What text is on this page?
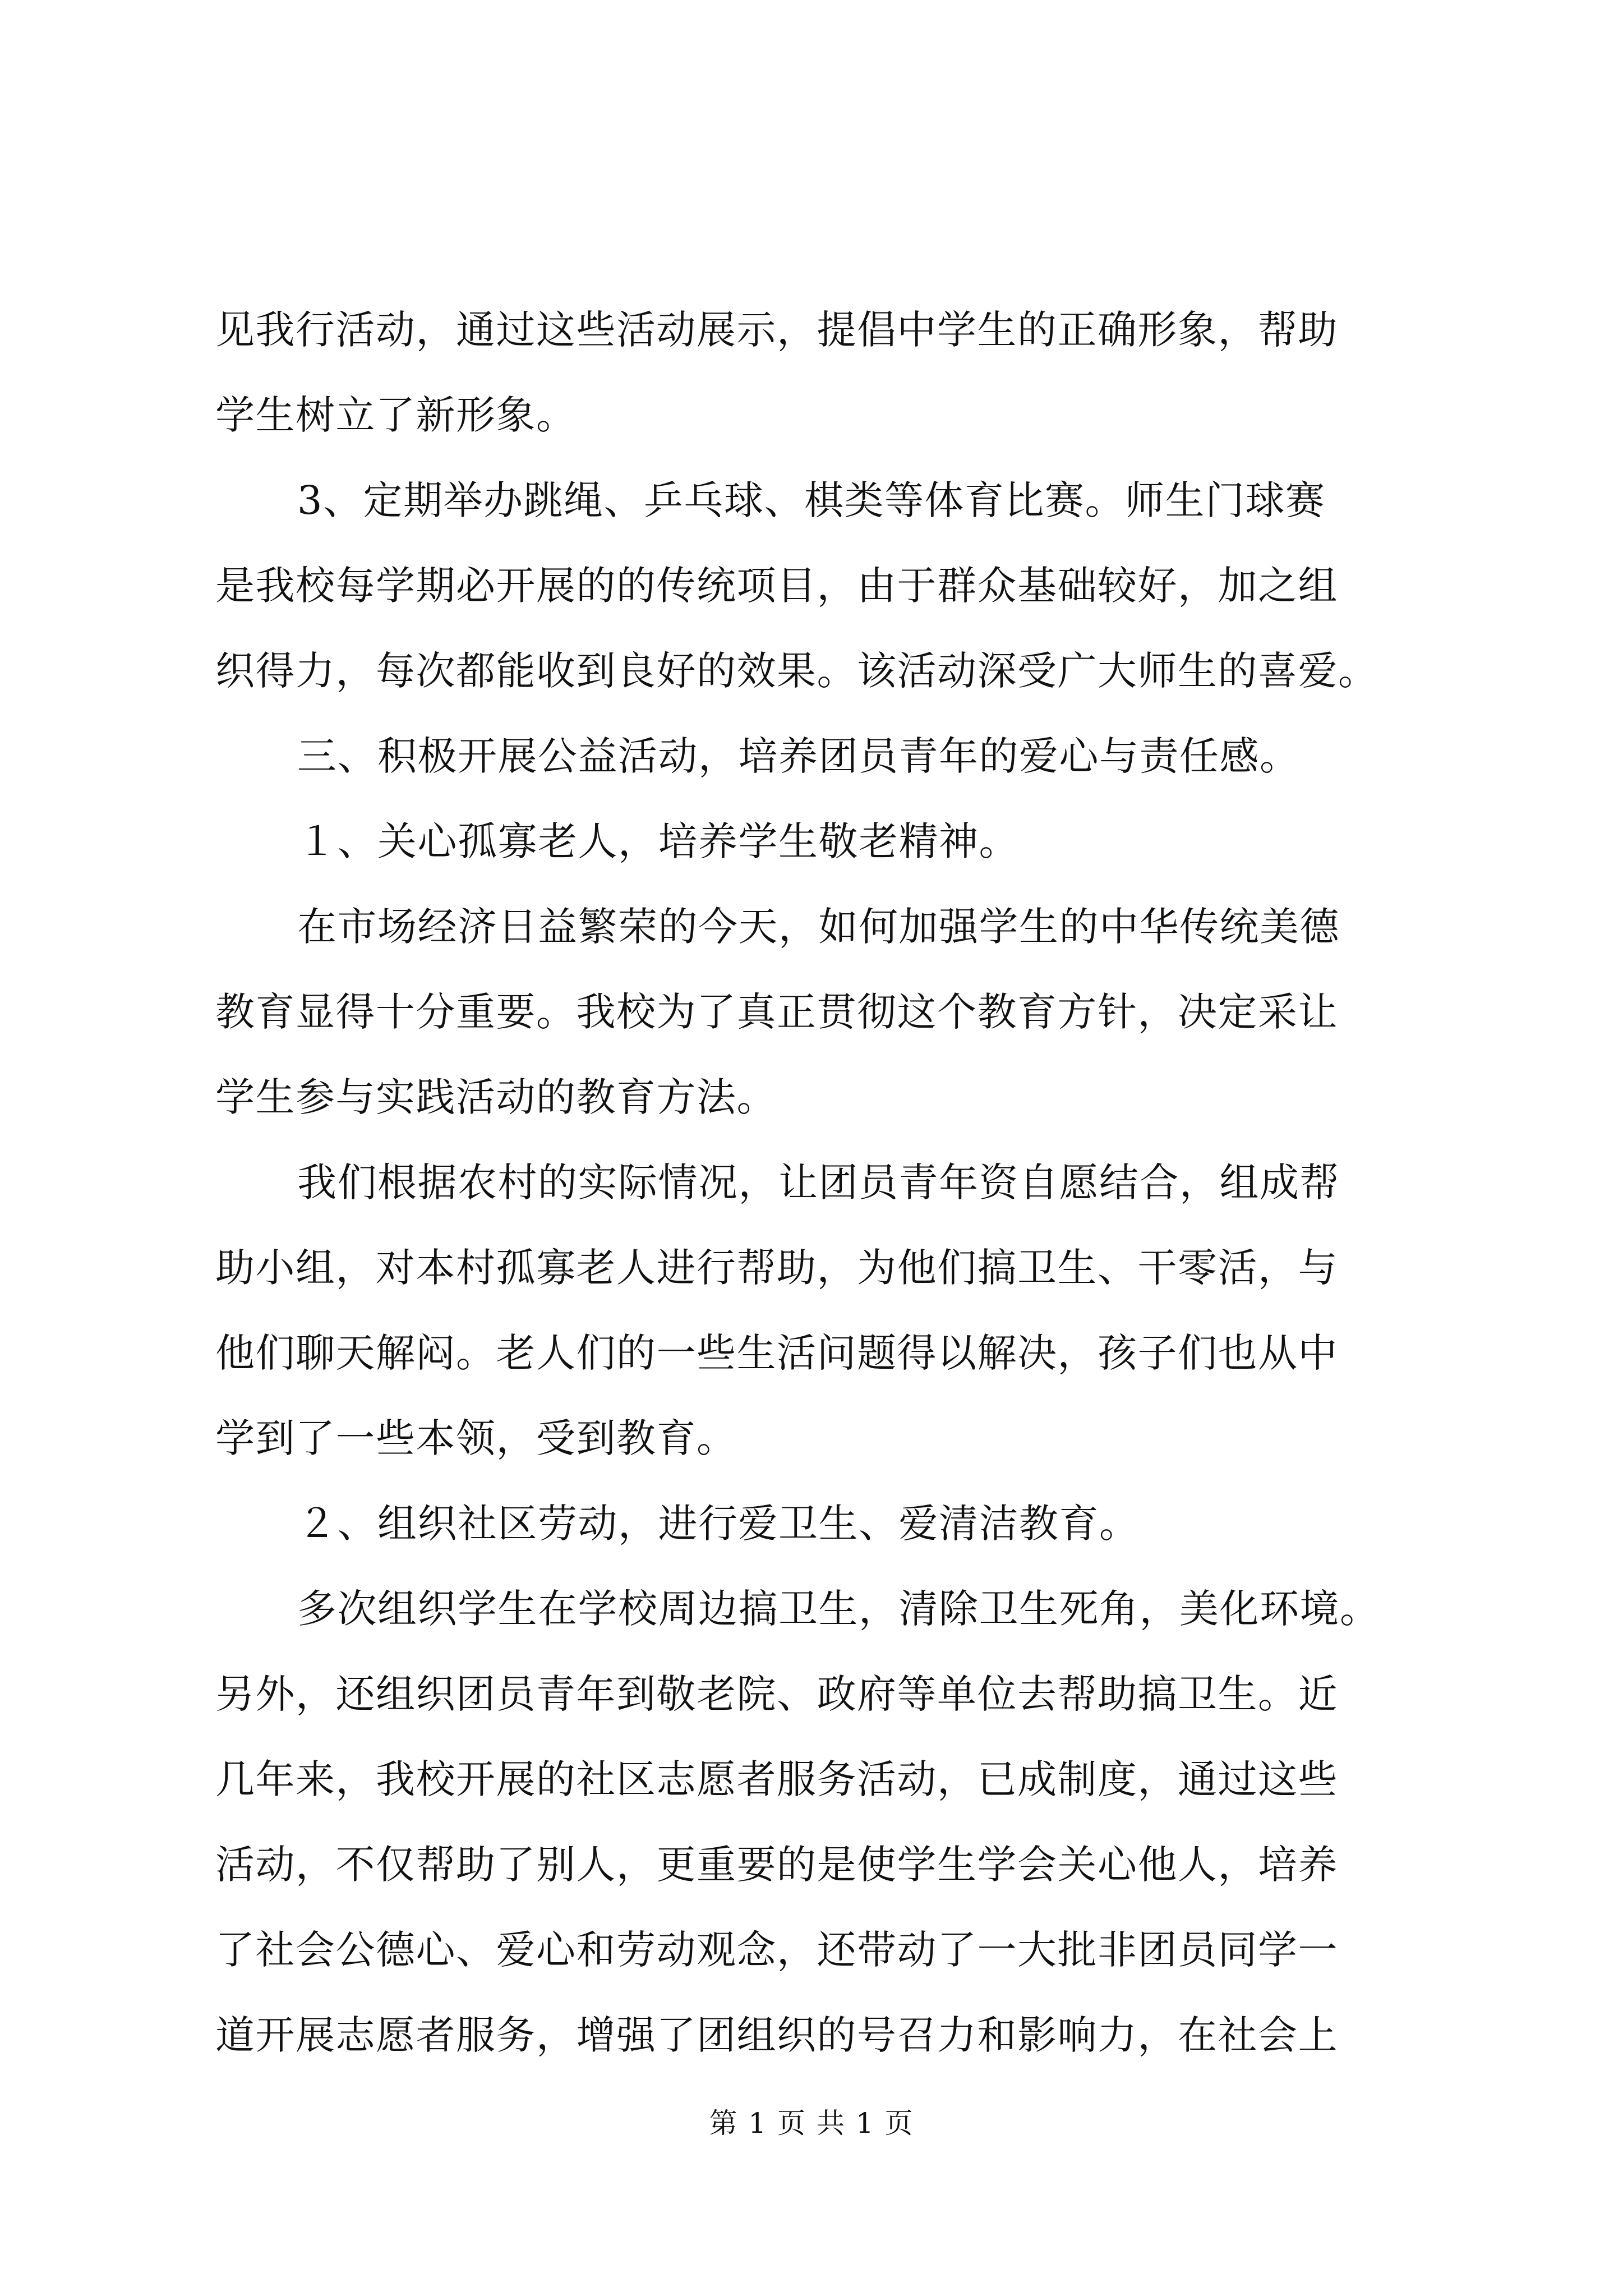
见我行活动，通过这些活动展示，提倡中学生的正确形象，帮助
学生树立了新形象。
3、定期举办跳绳、乒乓球、棋类等体育比赛。师生门球赛
是我校每学期必开展的的传统项目，由于群众基础较好，加之组
织得力，每次都能收到良好的效果。该活动深受广大师生的喜爱。
三、积极开展公益活动，培养团员青年的爱心与责任感。
１、关心孤寡老人，培养学生敬老精神。
在市场经济日益繁荣的今天，如何加强学生的中华传统美德
教育显得十分重要。我校为了真正贯彻这个教育方针，决定采让
学生参与实践活动的教育方法。
我们根据农村的实际情况，让团员青年资自愿结合，组成帮
助小组，对本村孤寡老人进行帮助，为他们搞卫生、干零活，与
他们聊天解闷。老人们的一些生活问题得以解决，孩子们也从中
学到了一些本领，受到教育。
２、组织社区劳动，进行爱卫生、爱清洁教育。
多次组织学生在学校周边搞卫生，清除卫生死角，美化环境。
另外，还组织团员青年到敬老院、政府等单位去帮助搞卫生。近
几年来，我校开展的社区志愿者服务活动，已成制度，通过这些
活动，不仅帮助了别人，更重要的是使学生学会关心他人，培养
了社会公德心、爱心和劳动观念，还带动了一大批非团员同学一
道开展志愿者服务，增强了团组织的号召力和影响力，在社会上
第 1 页 共 1 页
